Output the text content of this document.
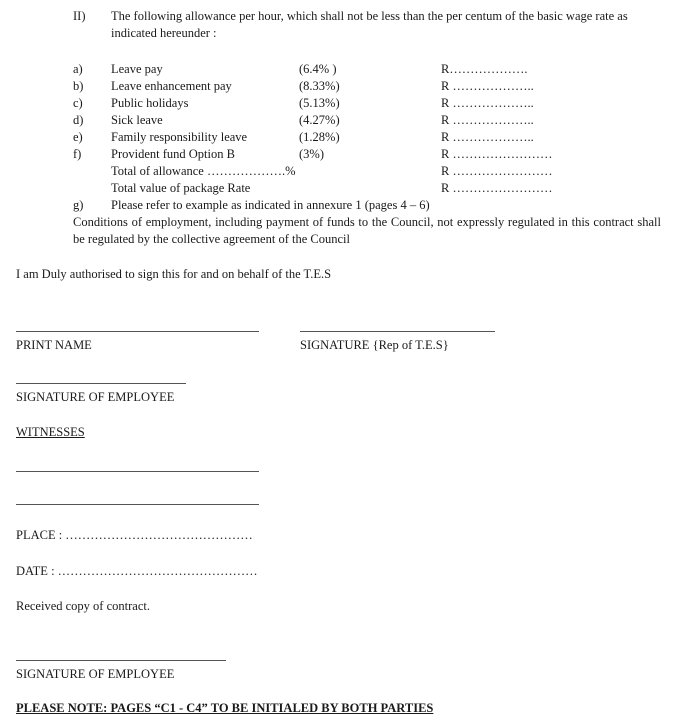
II) The following allowance per hour, which shall not be less than the per centum of the basic wage rate as indicated hereunder :
a) Leave pay	(6.4% )	R……………….
b) Leave enhancement pay	(8.33%)	R ………………..
c) Public holidays	(5.13%)	R ………………..
d) Sick leave	(4.27%)	R ………………..
e) Family responsibility leave	(1.28%)	R ………………..
f) Provident fund Option B	(3%)	R ……………………
Total of allowance ……………….%	R ……………………
Total value of package Rate	R ……………………
g) Please refer to example as indicated in annexure 1 (pages 4 – 6)
Conditions of employment, including payment of funds to the Council, not expressly regulated in this contract shall be regulated by the collective agreement of the Council
I am Duly authorised to sign this for and on behalf of the T.E.S
PRINT NAME	SIGNATURE {Rep of T.E.S}
SIGNATURE OF EMPLOYEE
WITNESSES
PLACE : ………………………………………
DATE : …………………………………………
Received copy of contract.
SIGNATURE OF EMPLOYEE
PLEASE NOTE: PAGES “C1 - C4” TO BE INITIALED BY BOTH PARTIES
